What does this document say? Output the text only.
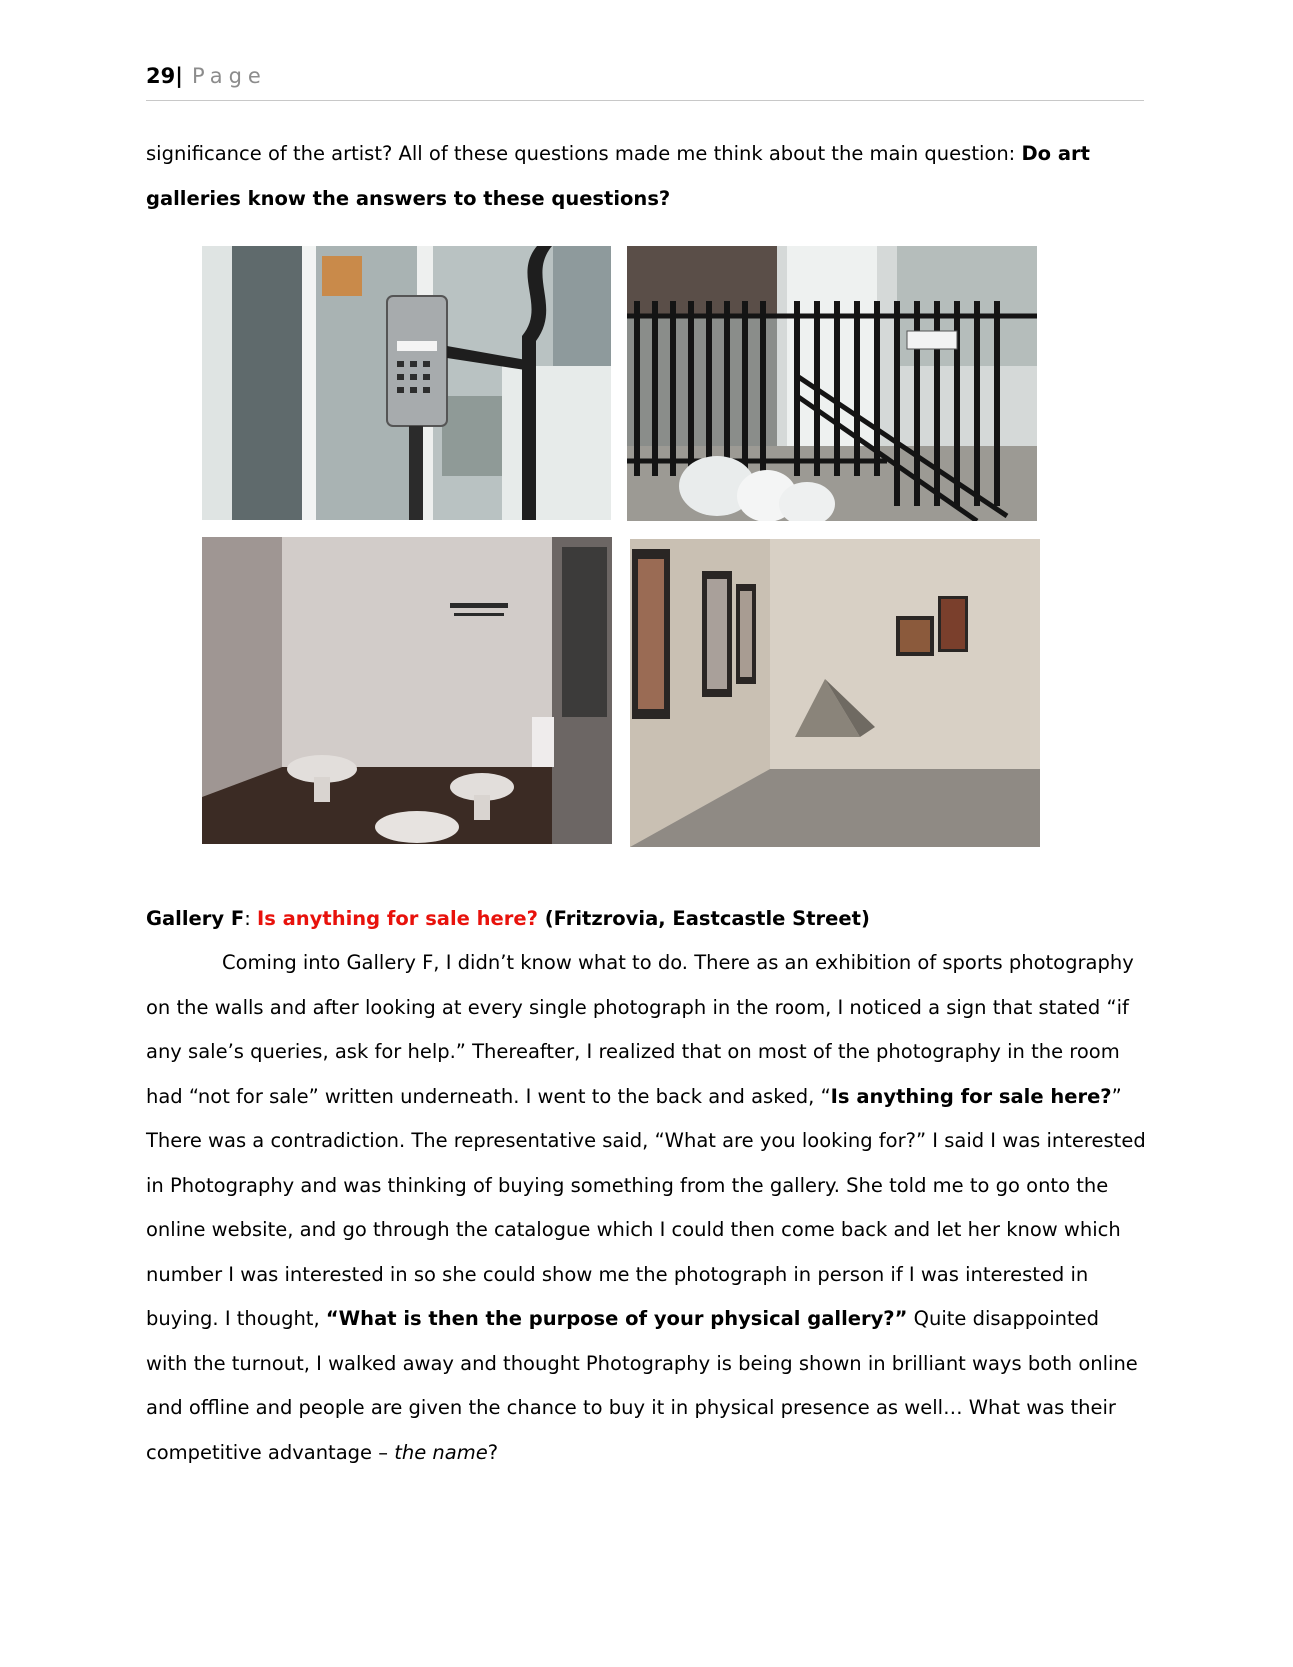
29| Page
significance of the artist? All of these questions made me think about the main question: Do art galleries know the answers to these questions?
Gallery F: Is anything for sale here? (Fritzrovia, Eastcastle Street)
Coming into Gallery F, I didn’t know what to do. There as an exhibition of sports photography on the walls and after looking at every single photograph in the room, I noticed a sign that stated “if any sale’s queries, ask for help.” Thereafter, I realized that on most of the photography in the room had “not for sale” written underneath. I went to the back and asked, “Is anything for sale here?” There was a contradiction. The representative said, “What are you looking for?” I said I was interested in Photography and was thinking of buying something from the gallery. She told me to go onto the online website, and go through the catalogue which I could then come back and let her know which number I was interested in so she could show me the photograph in person if I was interested in buying. I thought, “What is then the purpose of your physical gallery?” Quite disappointed with the turnout, I walked away and thought Photography is being shown in brilliant ways both online and offline and people are given the chance to buy it in physical presence as well… What was their competitive advantage – the name?
